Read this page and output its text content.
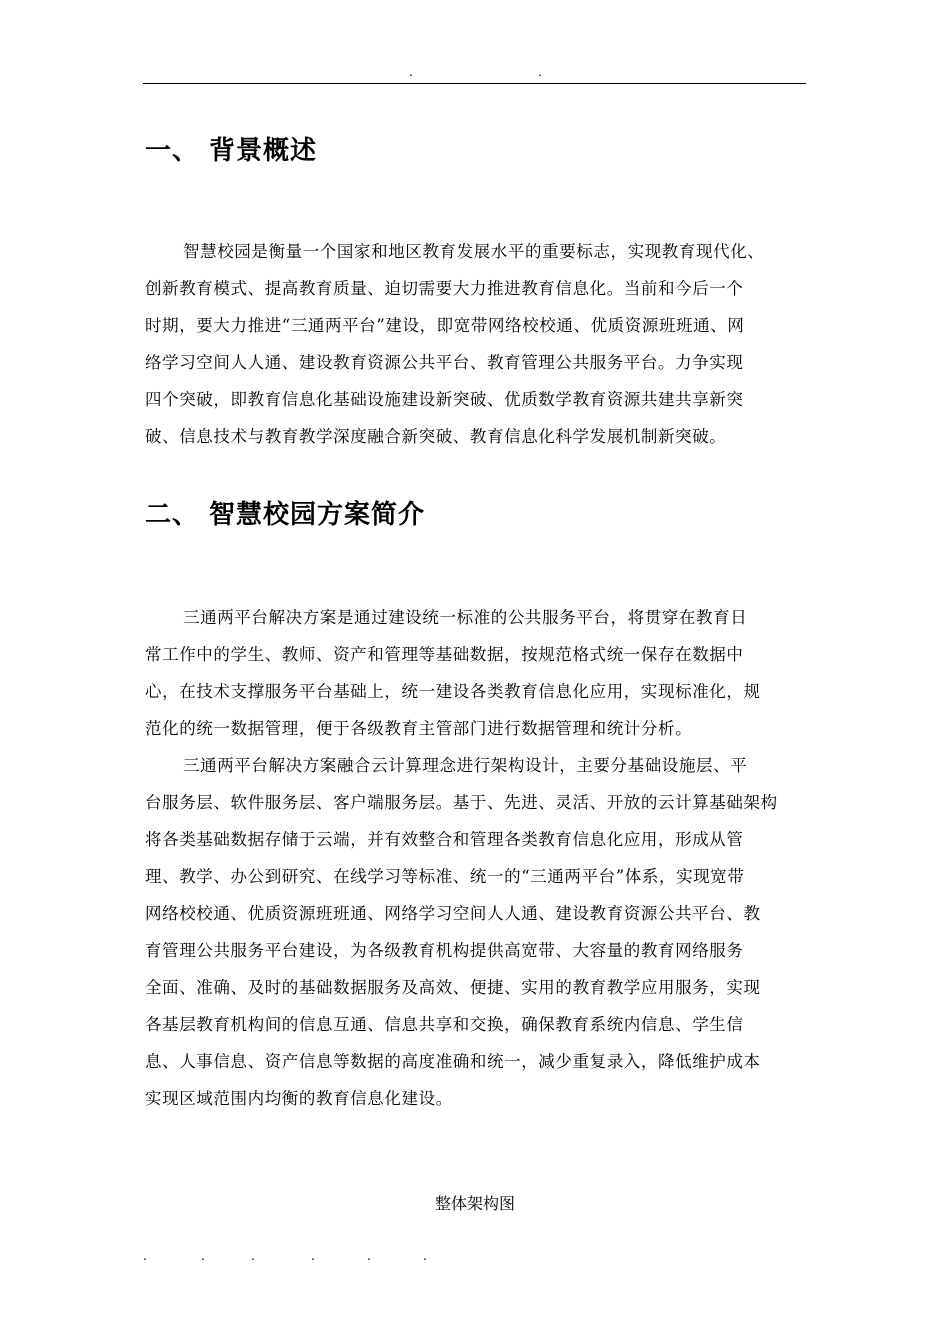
.	.
一、 背景概述

智慧校园是衡量一个国家和地区教育发展水平的重要标志，实现教育现代化、
创新教育模式、提高教育质量、迫切需要大力推进教育信息化。当前和今后一个
时期，要大力推进“三通两平台”建设，即宽带网络校校通、优质资源班班通、网
络学习空间人人通、建设教育资源公共平台、教育管理公共服务平台。力争实现
四个突破，即教育信息化基础设施建设新突破、优质数学教育资源共建共享新突
破、信息技术与教育教学深度融合新突破、教育信息化科学发展机制新突破。

二、 智慧校园方案简介

三通两平台解决方案是通过建设统一标准的公共服务平台，将贯穿在教育日
常工作中的学生、教师、资产和管理等基础数据，按规范格式统一保存在数据中
心，在技术支撑服务平台基础上，统一建设各类教育信息化应用，实现标准化，规
范化的统一数据管理，便于各级教育主管部门进行数据管理和统计分析。

三通两平台解决方案融合云计算理念进行架构设计，主要分基础设施层、平
台服务层、软件服务层、客户端服务层。基于、先进、灵活、开放的云计算基础架构
将各类基础数据存储于云端，并有效整合和管理各类教育信息化应用，形成从管
理、教学、办公到研究、在线学习等标准、统一的“三通两平台”体系，实现宽带
网络校校通、优质资源班班通、网络学习空间人人通、建设教育资源公共平台、教
育管理公共服务平台建设，为各级教育机构提供高宽带、大容量的教育网络服务
全面、准确、及时的基础数据服务及高效、便捷、实用的教育教学应用服务，实现
各基层教育机构间的信息互通、信息共享和交换，确保教育系统内信息、学生信
息、人事信息、资产信息等数据的高度准确和统一，减少重复录入，降低维护成本
实现区域范围内均衡的教育信息化建设。

整体架构图

.	.	.	.	.	.
